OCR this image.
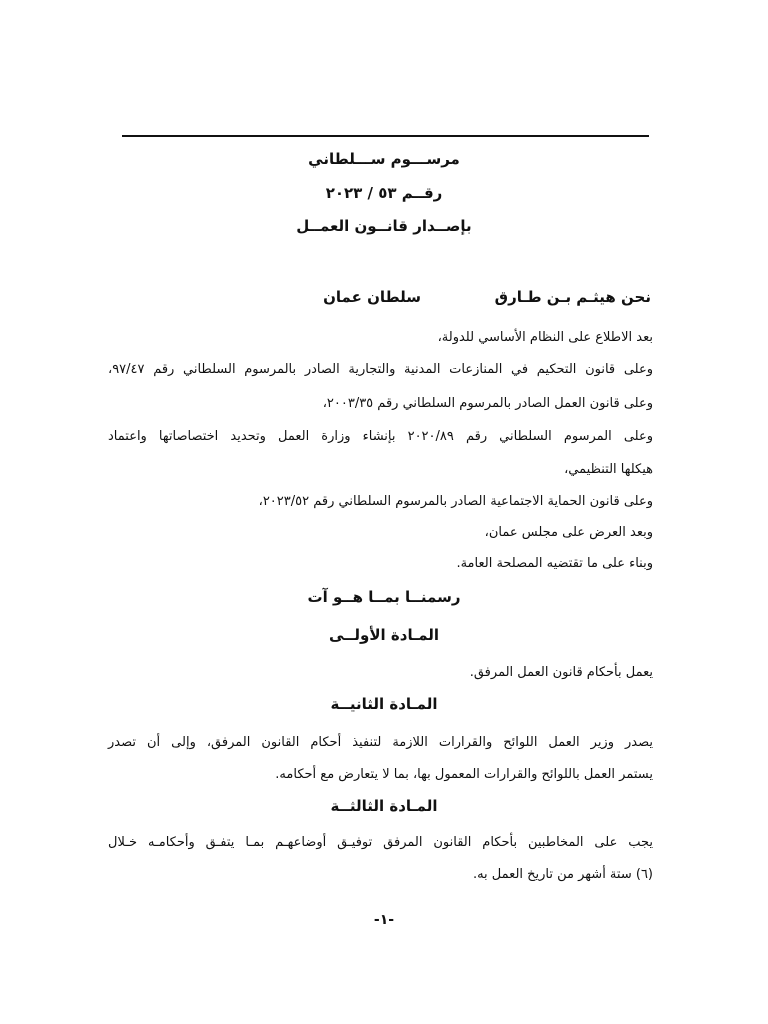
مرســـوم ســـلطاني
رقــم ٥٣ / ٢٠٢٣
بإصــدار قانــون العمــل
نحن هيثـم بـن طـارق
سلطان عمان
بعد الاطلاع على النظام الأساسي للدولة،
وعلى قانون التحكيم في المنازعات المدنية والتجارية الصادر بالمرسوم السلطاني رقم ٩٧/٤٧،
وعلى قانون العمل الصادر بالمرسوم السلطاني رقم ٢٠٠٣/٣٥،
وعلى المرسوم السلطاني رقم ٢٠٢٠/٨٩ بإنشاء وزارة العمل وتحديد اختصاصاتها واعتماد
هيكلها التنظيمي،
وعلى قانون الحماية الاجتماعية الصادر بالمرسوم السلطاني رقم ٢٠٢٣/٥٢،
وبعد العرض على مجلس عمان،
وبناء على ما تقتضيه المصلحة العامة.
رسمنــا بمــا هــو آت
المـادة الأولــى
يعمل بأحكام قانون العمل المرفق.
المـادة الثانيــة
يصدر وزير العمل اللوائح والقرارات اللازمة لتنفيذ أحكام القانون المرفق، وإلى أن تصدر
يستمر العمل باللوائح والقرارات المعمول بها، بما لا يتعارض مع أحكامه.
المـادة الثالثــة
يجب على المخاطبين بأحكام القانون المرفق توفيـق أوضاعهـم بمـا يتفـق وأحكامـه خـلال
(٦) ستة أشهر من تاريخ العمل به.
-١-
